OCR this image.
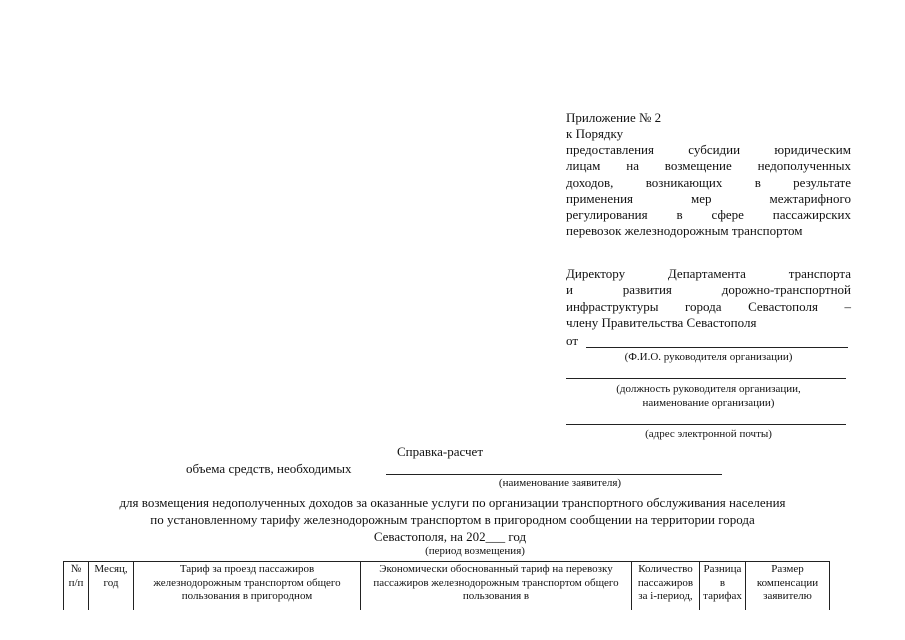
Приложение № 2
к Порядку
предоставления субсидии юридическим
лицам на возмещение недополученных
доходов, возникающих в результате
применения мер межтарифного
регулирования в сфере пассажирских
перевозок железнодорожным транспортом
Директору Департамента транспорта
и развития дорожно-транспортной
инфраструктуры города Севастополя –
члену Правительства Севастополя
от
(Ф.И.О. руководителя организации)
(должность руководителя организации,
наименование организации)
(адрес электронной почты)
Справка-расчет
объема средств, необходимых
(наименование заявителя)
для возмещения недополученных доходов за оказанные услуги по организации транспортного обслуживания населения
по установленному тарифу железнодорожным транспортом в пригородном сообщении на территории города
Севастополя, на 202___ год
(период возмещения)
№ п/п	Месяц, год	Тариф за проезд пассажиров железнодорожным транспортом общего пользования в пригородном	Экономически обоснованный тариф на перевозку пассажиров железнодорожным транспортом общего пользования в	Количество пассажиров за i-период,	Разница в тарифах	Размер компенсации заявителю
